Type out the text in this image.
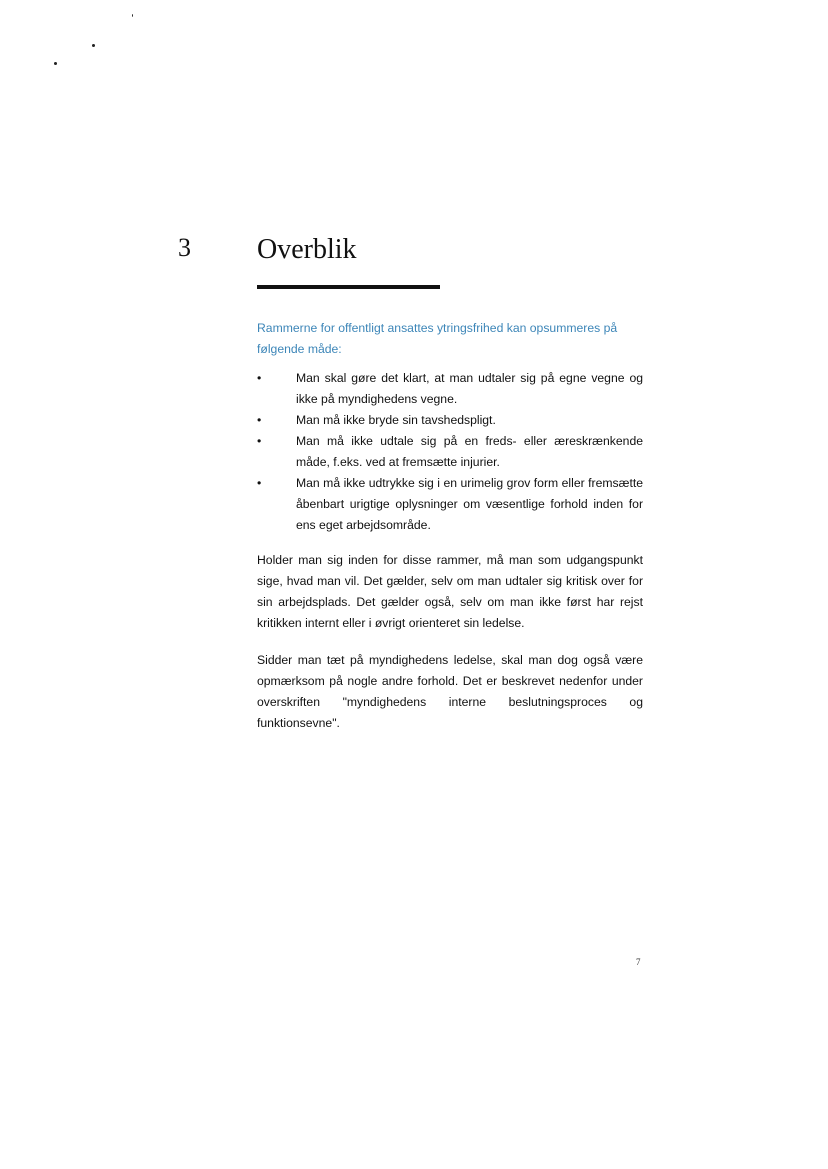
3 Overblik

Rammerne for offentligt ansattes ytringsfrihed kan opsummeres på følgende måde:

•	Man skal gøre det klart, at man udtaler sig på egne vegne og ikke på myndighedens vegne.
•	Man må ikke bryde sin tavshedspligt.
•	Man må ikke udtale sig på en freds- eller æreskrænkende måde, f.eks. ved at fremsætte injurier.
•	Man må ikke udtrykke sig i en urimelig grov form eller fremsætte åbenbart urigtige oplysninger om væsentlige forhold inden for ens eget arbejdsområde.

Holder man sig inden for disse rammer, må man som udgangspunkt sige, hvad man vil. Det gælder, selv om man udtaler sig kritisk over for sin arbejdsplads. Det gælder også, selv om man ikke først har rejst kritikken internt eller i øvrigt orienteret sin ledelse.

Sidder man tæt på myndighedens ledelse, skal man dog også være opmærksom på nogle andre forhold. Det er beskrevet nedenfor under overskriften "myndighedens interne beslutningsproces og funktionsevne".

7
